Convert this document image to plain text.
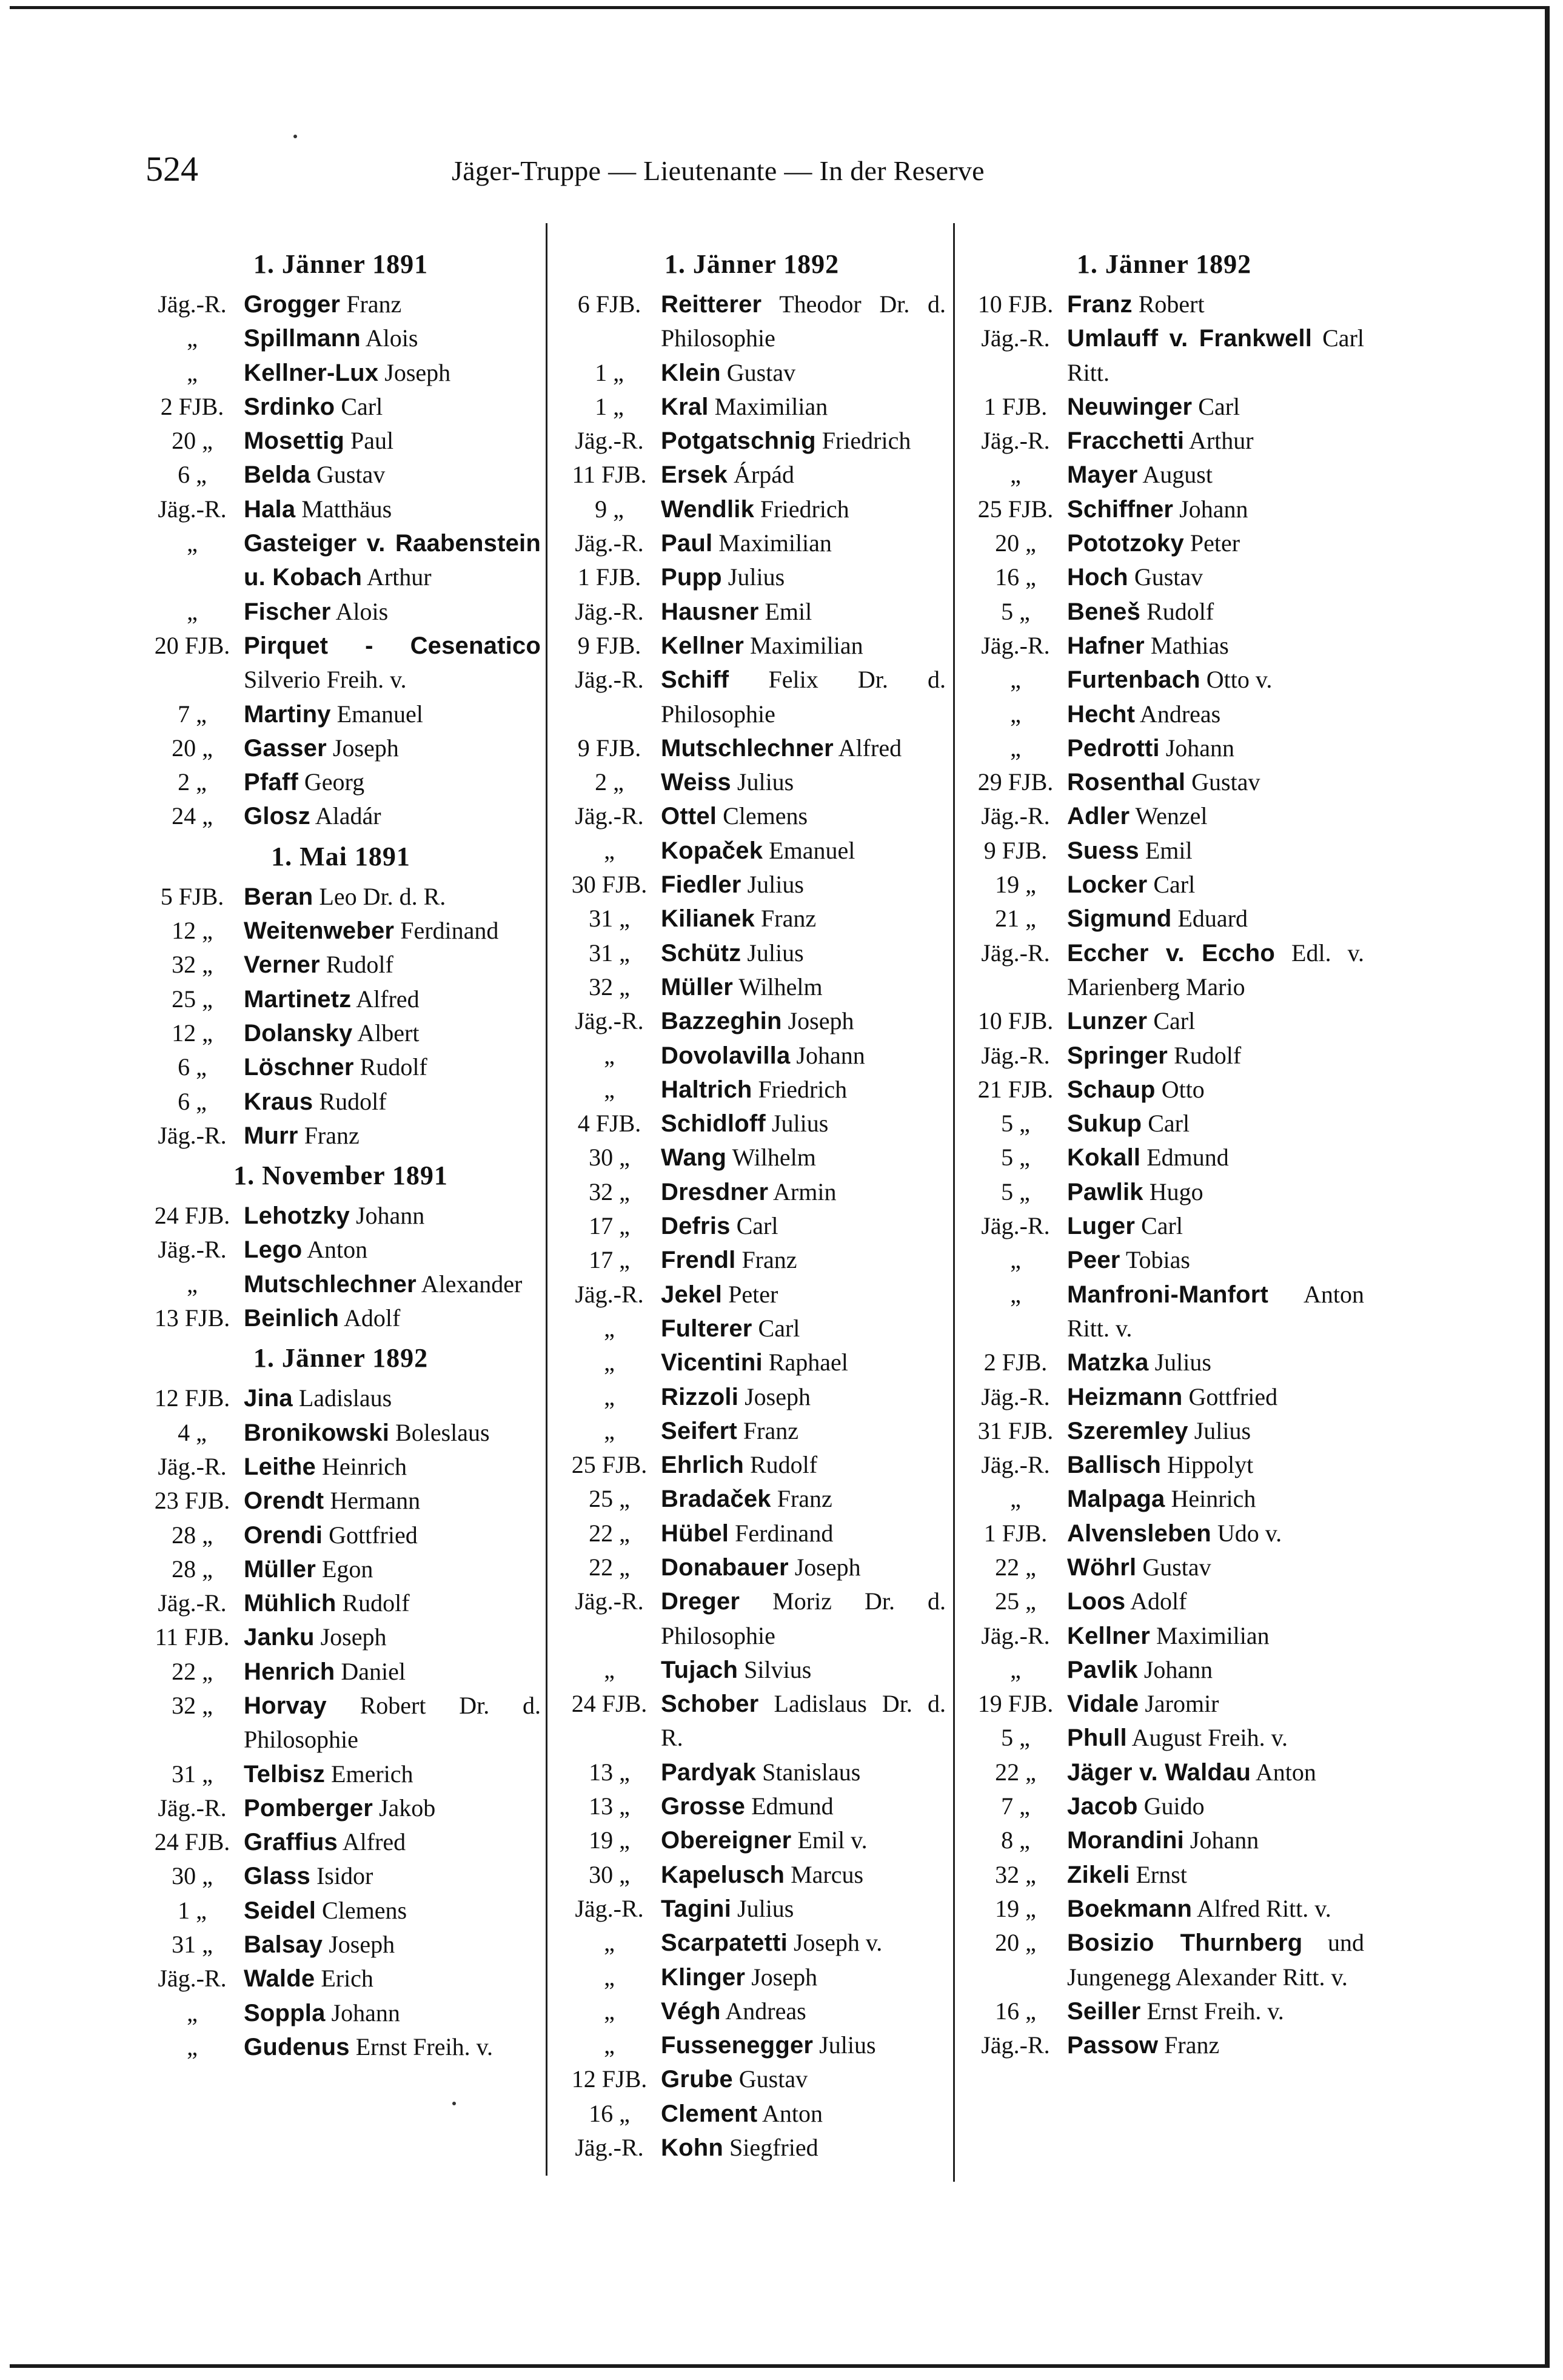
524	Jäger-Truppe — Lieutenante — In der Reserve
1. Jänner 1891
Jäg.-R. Grogger Franz
„	Spillmann Alois
„	Kellner-Lux Joseph
2 FJB. Srdinko Carl
20 „	Mosettig Paul
6 „	Belda Gustav
Jäg.-R. Hala Matthäus
„	Gasteiger v. Raabenstein u. Kobach Arthur
„	Fischer Alois
20 FJB. Pirquet - Cesenatico Silverio Freih. v.
7 „	Martiny Emanuel
20 „	Gasser Joseph
2 „	Pfaff Georg
24 „	Glosz Aladár
1. Mai 1891
5 FJB. Beran Leo Dr. d. R.
12 „	Weitenweber Ferdinand
32 „	Verner Rudolf
25 „	Martinetz Alfred
12 „	Dolansky Albert
6 „	Löschner Rudolf
6 „	Kraus Rudolf
Jäg.-R. Murr Franz
1. November 1891
24 FJB. Lehotzky Johann
Jäg.-R. Lego Anton
„	Mutschlechner Alexander
13 FJB. Beinlich Adolf
1. Jänner 1892
12 FJB. Jina Ladislaus
4 „	Bronikowski Boleslaus
Jäg.-R. Leithe Heinrich
23 FJB. Orendt Hermann
28 „	Orendi Gottfried
28 „	Müller Egon
Jäg.-R. Mühlich Rudolf
11 FJB. Janku Joseph
22 „	Henrich Daniel
32 „	Horvay Robert Dr. d. Philosophie
31 „	Telbisz Emerich
Jäg.-R. Pomberger Jakob
24 FJB. Graffius Alfred
30 „	Glass Isidor
1 „	Seidel Clemens
31 „	Balsay Joseph
Jäg.-R. Walde Erich
„	Soppla Johann
„	Gudenus Ernst Freih. v.
1. Jänner 1892
6 FJB. Reitterer Theodor Dr. d. Philosophie
1 „	Klein Gustav
1 „	Kral Maximilian
Jäg.-R. Potgatschnig Friedrich
11 FJB. Ersek Árpád
9 „	Wendlik Friedrich
Jäg.-R. Paul Maximilian
1 FJB. Pupp Julius
Jäg.-R. Hausner Emil
9 FJB. Kellner Maximilian
Jäg.-R. Schiff Felix Dr. d. Philosophie
9 FJB. Mutschlechner Alfred
2 „	Weiss Julius
Jäg.-R. Ottel Clemens
„	Kopaček Emanuel
30 FJB. Fiedler Julius
31 „	Kilianek Franz
31 „	Schütz Julius
32 „	Müller Wilhelm
Jäg.-R. Bazzeghin Joseph
„	Dovolavilla Johann
„	Haltrich Friedrich
4 FJB. Schidloff Julius
30 „	Wang Wilhelm
32 „	Dresdner Armin
17 „	Defris Carl
17 „	Frendl Franz
Jäg.-R. Jekel Peter
„	Fulterer Carl
„	Vicentini Raphael
„	Rizzoli Joseph
„	Seifert Franz
25 FJB. Ehrlich Rudolf
25 „	Bradaček Franz
22 „	Hübel Ferdinand
22 „	Donabauer Joseph
Jäg.-R. Dreger Moriz Dr. d. Philosophie
„	Tujach Silvius
24 FJB. Schober Ladislaus Dr. d. R.
13 „	Pardyak Stanislaus
13 „	Grosse Edmund
19 „	Obereigner Emil v.
30 „	Kapelusch Marcus
Jäg.-R. Tagini Julius
„	Scarpatetti Joseph v.
„	Klinger Joseph
„	Végh Andreas
„	Fussenegger Julius
12 FJB. Grube Gustav
16 „	Clement Anton
Jäg.-R. Kohn Siegfried
1. Jänner 1892
10 FJB. Franz Robert
Jäg.-R. Umlauff v. Frankwell Carl Ritt.
1 FJB. Neuwinger Carl
Jäg.-R. Fracchetti Arthur
„	Mayer August
25 FJB. Schiffner Johann
20 „	Pototzoky Peter
16 „	Hoch Gustav
5 „	Beneš Rudolf
Jäg.-R. Hafner Mathias
„	Furtenbach Otto v.
„	Hecht Andreas
„	Pedrotti Johann
29 FJB. Rosenthal Gustav
Jäg.-R. Adler Wenzel
9 FJB. Suess Emil
19 „	Locker Carl
21 „	Sigmund Eduard
Jäg.-R. Eccher v. Eccho Edl. v. Marienberg Mario
10 FJB. Lunzer Carl
Jäg.-R. Springer Rudolf
21 FJB. Schaup Otto
5 „	Sukup Carl
5 „	Kokall Edmund
5 „	Pawlik Hugo
Jäg.-R. Luger Carl
„	Peer Tobias
„	Manfroni-Manfort Anton Ritt. v.
2 FJB. Matzka Julius
Jäg.-R. Heizmann Gottfried
31 FJB. Szeremley Julius
Jäg.-R. Ballisch Hippolyt
„	Malpaga Heinrich
1 FJB. Alvensleben Udo v.
22 „	Wöhrl Gustav
25 „	Loos Adolf
Jäg.-R. Kellner Maximilian
„	Pavlik Johann
19 FJB. Vidale Jaromir
5 „	Phull August Freih. v.
22 „	Jäger v. Waldau Anton
7 „	Jacob Guido
8 „	Morandini Johann
32 „	Zikeli Ernst
19 „	Boekmann Alfred Ritt. v.
20 „	Bosizio Thurnberg und Jungenegg Alexander Ritt. v.
16 „	Seiller Ernst Freih. v.
Jäg.-R. Passow Franz
